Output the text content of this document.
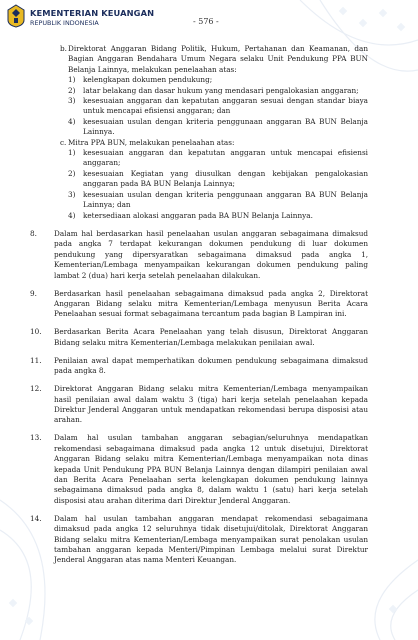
KEMENTERIAN KEUANGAN
REPUBLIK INDONESIA	- 576 -
b. Direktorat Anggaran Bidang Politik, Hukum, Pertahanan dan Keamanan, dan Bagian Anggaran Bendahara Umum Negara selaku Unit Pendukung PPA BUN Belanja Lainnya, melakukan penelaahan atas:
1) kelengkapan dokumen pendukung;
2) latar belakang dan dasar hukum yang mendasari pengalokasian anggaran;
3) kesesuaian anggaran dan kepatutan anggaran sesuai dengan standar biaya untuk mencapai efisiensi anggaran; dan
4) kesesuaian usulan dengan kriteria penggunaan anggaran BA BUN Belanja Lainnya.
c. Mitra PPA BUN, melakukan penelaahan atas:
1) kesesuaian anggaran dan kepatutan anggaran untuk mencapai efisiensi anggaran;
2) kesesuaian Kegiatan yang diusulkan dengan kebijakan pengalokasian anggaran pada BA BUN Belanja Lainnya;
3) kesesuaian usulan dengan kriteria penggunaan anggaran BA BUN Belanja Lainnya; dan
4) ketersediaan alokasi anggaran pada BA BUN Belanja Lainnya.
8. Dalam hal berdasarkan hasil penelaahan usulan anggaran sebagaimana dimaksud pada angka 7 terdapat kekurangan dokumen pendukung di luar dokumen pendukung yang dipersyaratkan sebagaimana dimaksud pada angka 1, Kementerian/Lembaga menyampaikan kekurangan dokumen pendukung paling lambat 2 (dua) hari kerja setelah penelaahan dilakukan.
9. Berdasarkan hasil penelaahan sebagaimana dimaksud pada angka 2, Direktorat Anggaran Bidang selaku mitra Kementerian/Lembaga menyusun Berita Acara Penelaahan sesuai format sebagaimana tercantum pada bagian B Lampiran ini.
10. Berdasarkan Berita Acara Penelaahan yang telah disusun, Direktorat Anggaran Bidang selaku mitra Kementerian/Lembaga melakukan penilaian awal.
11. Penilaian awal dapat memperhatikan dokumen pendukung sebagaimana dimaksud pada angka 8.
12. Direktorat Anggaran Bidang selaku mitra Kementerian/Lembaga menyampaikan hasil penilaian awal dalam waktu 3 (tiga) hari kerja setelah penelaahan kepada Direktur Jenderal Anggaran untuk mendapatkan rekomendasi berupa disposisi atau arahan.
13. Dalam hal usulan tambahan anggaran sebagian/seluruhnya mendapatkan rekomendasi sebagaimana dimaksud pada angka 12 untuk disetujui, Direktorat Anggaran Bidang selaku mitra Kementerian/Lembaga menyampaikan nota dinas kepada Unit Pendukung PPA BUN Belanja Lainnya dengan dilampiri penilaian awal dan Berita Acara Penelaahan serta kelengkapan dokumen pendukung lainnya sebagaimana dimaksud pada angka 8, dalam waktu 1 (satu) hari kerja setelah disposisi atau arahan diterima dari Direktur Jenderal Anggaran.
14. Dalam hal usulan tambahan anggaran mendapat rekomendasi sebagaimana dimaksud pada angka 12 seluruhnya tidak disetujui/ditolak, Direktorat Anggaran Bidang selaku mitra Kementerian/Lembaga menyampaikan surat penolakan usulan tambahan anggaran kepada Menteri/Pimpinan Lembaga melalui surat Direktur Jenderal Anggaran atas nama Menteri Keuangan.
